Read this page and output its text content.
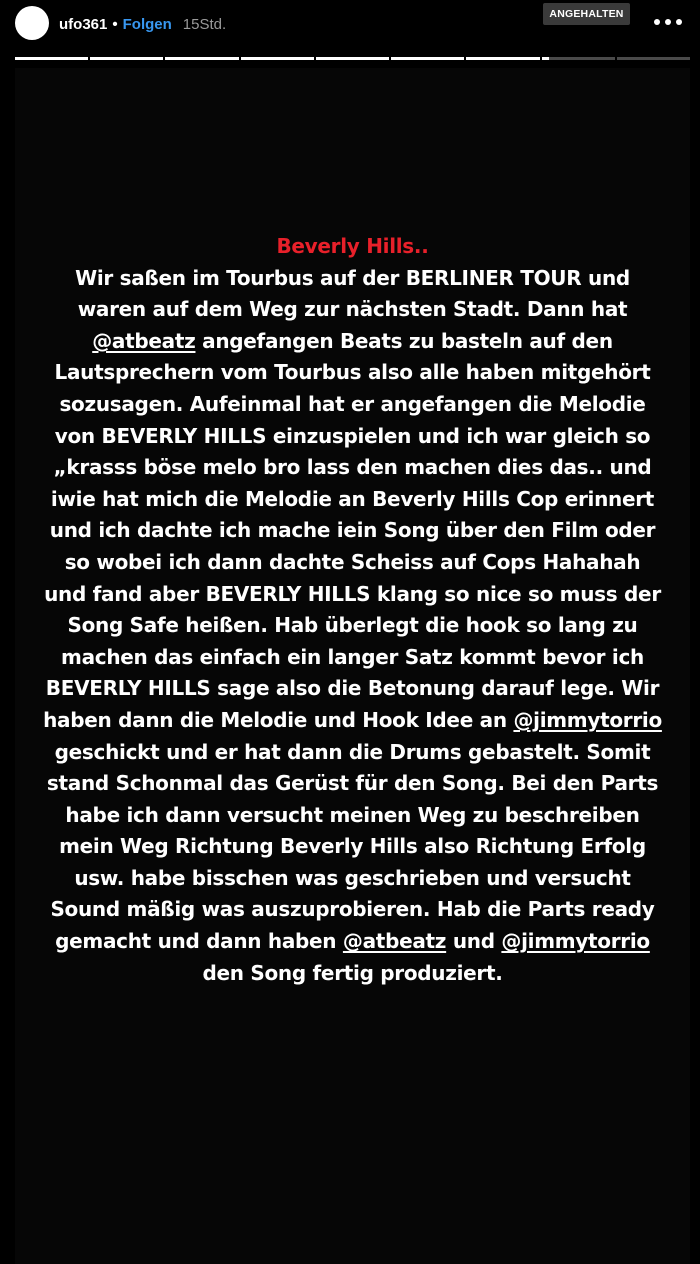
ufo361 • Folgen 15Std.
ANGEHALTEN
Beverly Hills..
Wir saßen im Tourbus auf der BERLINER TOUR und
waren auf dem Weg zur nächsten Stadt. Dann hat
@atbeatz angefangen Beats zu basteln auf den
Lautsprechern vom Tourbus also alle haben mitgehört
sozusagen. Aufeinmal hat er angefangen die Melodie
von BEVERLY HILLS einzuspielen und ich war gleich so
„krasss böse melo bro lass den machen dies das.. und
iwie hat mich die Melodie an Beverly Hills Cop erinnert
und ich dachte ich mache iein Song über den Film oder
so wobei ich dann dachte Scheiss auf Cops Hahahah
und fand aber BEVERLY HILLS klang so nice so muss der
Song Safe heißen. Hab überlegt die hook so lang zu
machen das einfach ein langer Satz kommt bevor ich
BEVERLY HILLS sage also die Betonung darauf lege. Wir
haben dann die Melodie und Hook Idee an @jimmytorrio
geschickt und er hat dann die Drums gebastelt. Somit
stand Schonmal das Gerüst für den Song. Bei den Parts
habe ich dann versucht meinen Weg zu beschreiben
mein Weg Richtung Beverly Hills also Richtung Erfolg
usw. habe bisschen was geschrieben und versucht
Sound mäßig was auszuprobieren. Hab die Parts ready
gemacht und dann haben @atbeatz und @jimmytorrio
den Song fertig produziert.
